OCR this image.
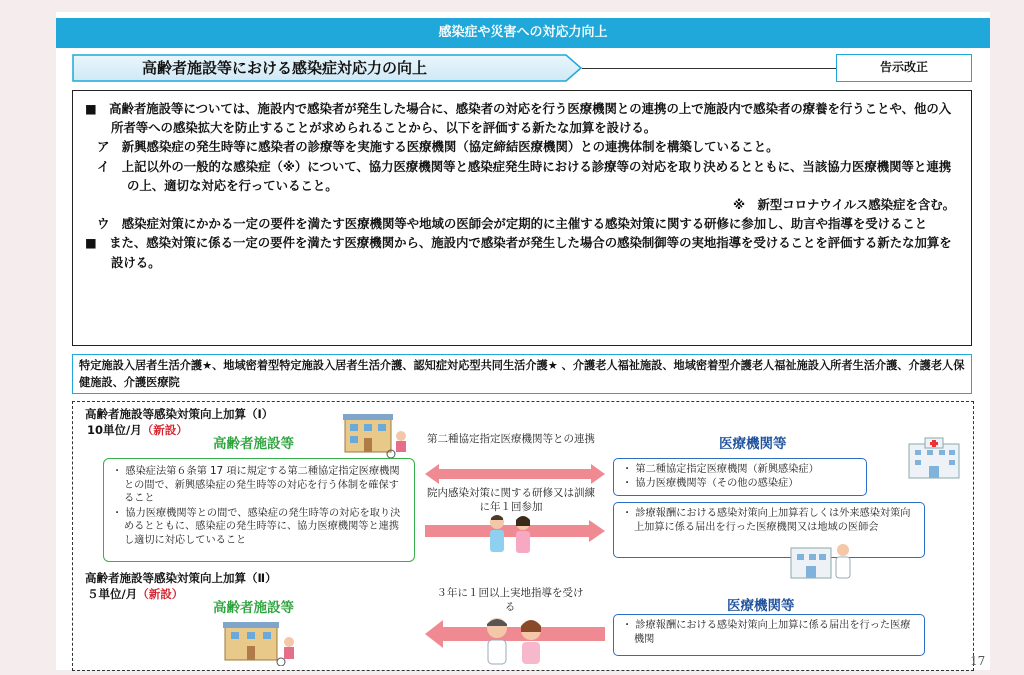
感染症や災害への対応力向上
高齢者施設等における感染症対応力の向上	告示改正

■　 高齢者施設等については、施設内で感染者が発生した場合に、感染者の対応を行う医療機関との連携の上で施設内で感染者の療養を行うことや、他の入所者等への感染拡大を防止することが求められることから、以下を評価する新たな加算を設ける。

ア　新興感染症の発生時等に感染者の診療等を実施する医療機関（協定締結医療機関）との連携体制を構築していること。

イ　上記以外の一般的な感染症（※）について、協力医療機関等と感染症発生時における診療等の対応を取り決めるとともに、当該協力医療機関等と連携の上、適切な対応を行っていること。

※　新型コロナウイルス感染症を含む。

ウ　感染症対策にかかる一定の要件を満たす医療機関等や地域の医師会が定期的に主催する感染対策に関する研修に参加し、助言や指導を受けること

■　 また、感染対策に係る一定の要件を満たす医療機関から、施設内で感染者が発生した場合の感染制御等の実地指導を受けることを評価する新たな加算を設ける。

特定施設入居者生活介護★、地域密着型特定施設入居者生活介護、認知症対応型共同生活介護★ 、介護老人福祉施設、地域密着型介護老人福祉施設入所者生活介護、介護老人保健施設、介護医療院
高齢者施設等感染対策向上加算（Ⅰ）
10単位/月（新設）
高齢者施設等
・ 感染症法第６条第 17 項に規定する第二種協定指定医療機関との間で、新興感染症の発生時等の対応を行う体制を確保すること
・ 協力医療機関等との間で、感染症の発生時等の対応を取り決めるとともに、感染症の発生時等に、協力医療機関等と連携し適切に対応していること
第二種協定指定医療機関等との連携
院内感染対策に関する研修又は訓練に年１回参加
医療機関等
・ 第二種協定指定医療機関（新興感染症）
・ 協力医療機関等（その他の感染症）
・ 診療報酬における感染対策向上加算若しくは外来感染対策向上加算に係る届出を行った医療機関又は地域の医師会
高齢者施設等感染対策向上加算（Ⅱ）
５単位/月（新設）
高齢者施設等
３年に１回以上実地指導を受ける	医療機関等
・ 診療報酬における感染対策向上加算に係る届出を行った医療機関
17
